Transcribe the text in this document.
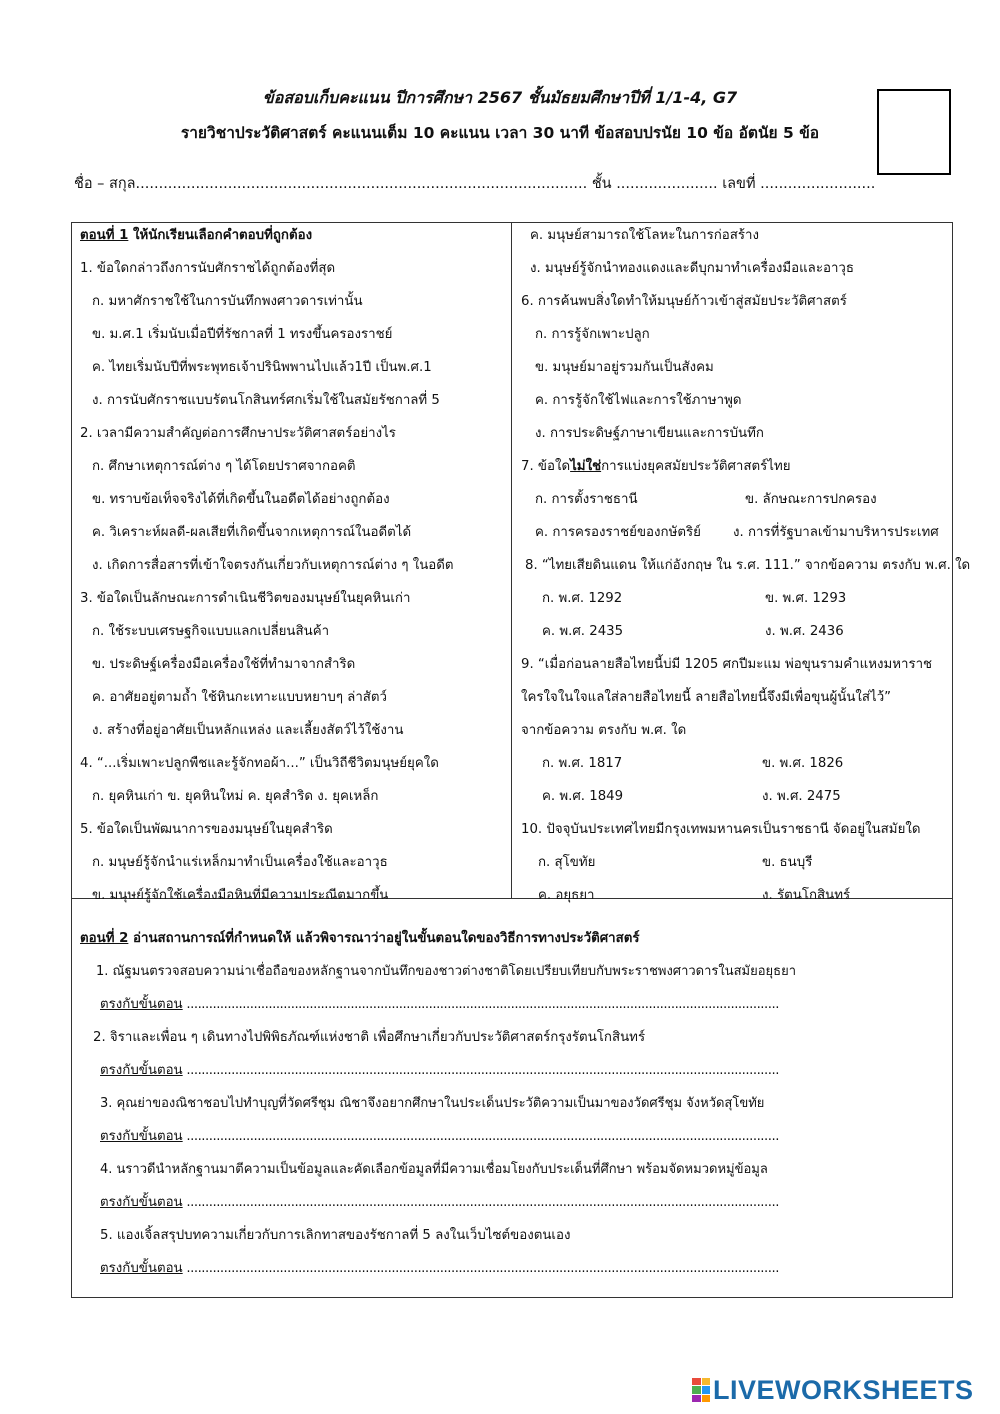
ข้อสอบเก็บคะแนน ปีการศึกษา 2567 ชั้นมัธยมศึกษาปีที่ 1/1-4, G7
รายวิชาประวัติศาสตร์ คะแนนเต็ม 10 คะแนน เวลา 30 นาที ข้อสอบปรนัย 10 ข้อ อัตนัย 5 ข้อ
ชื่อ – สกุล.................................................................................................. ชั้น ...................... เลขที่ .........................
ตอนที่ 1 ให้นักเรียนเลือกคำตอบที่ถูกต้อง
1. ข้อใดกล่าวถึงการนับศักราชได้ถูกต้องที่สุด
ก. มหาศักราชใช้ในการบันทึกพงศาวดารเท่านั้น
ข. ม.ศ.1 เริ่มนับเมื่อปีที่รัชกาลที่ 1 ทรงขึ้นครองราชย์
ค. ไทยเริ่มนับปีที่พระพุทธเจ้าปรินิพพานไปแล้ว1ปี เป็นพ.ศ.1
ง. การนับศักราชแบบรัตนโกสินทร์ศกเริ่มใช้ในสมัยรัชกาลที่ 5
2. เวลามีความสำคัญต่อการศึกษาประวัติศาสตร์อย่างไร
ก. ศึกษาเหตุการณ์ต่าง ๆ ได้โดยปราศจากอคติ
ข. ทราบข้อเท็จจริงได้ที่เกิดขึ้นในอดีตได้อย่างถูกต้อง
ค. วิเคราะห์ผลดี-ผลเสียที่เกิดขึ้นจากเหตุการณ์ในอดีตได้
ง. เกิดการสื่อสารที่เข้าใจตรงกันเกี่ยวกับเหตุการณ์ต่าง ๆ ในอดีต
3. ข้อใดเป็นลักษณะการดำเนินชีวิตของมนุษย์ในยุคหินเก่า
ก. ใช้ระบบเศรษฐกิจแบบแลกเปลี่ยนสินค้า
ข. ประดิษฐ์เครื่องมือเครื่องใช้ที่ทำมาจากสำริด
ค. อาศัยอยู่ตามถ้ำ ใช้หินกะเทาะแบบหยาบๆ ล่าสัตว์
ง. สร้างที่อยู่อาศัยเป็นหลักแหล่ง และเลี้ยงสัตว์ไว้ใช้งาน
4. “...เริ่มเพาะปลูกพืชและรู้จักทอผ้า...” เป็นวิถีชีวิตมนุษย์ยุคใด
ก. ยุคหินเก่า ข. ยุคหินใหม่ ค. ยุคสำริด ง. ยุคเหล็ก
5. ข้อใดเป็นพัฒนาการของมนุษย์ในยุคสำริด
ก. มนุษย์รู้จักนำแร่เหล็กมาทำเป็นเครื่องใช้และอาวุธ
ข. มนุษย์รู้จักใช้เครื่องมือหินที่มีความประณีตมากขึ้น
ค. มนุษย์สามารถใช้โลหะในการก่อสร้าง
ง. มนุษย์รู้จักนำทองแดงและดีบุกมาทำเครื่องมือและอาวุธ
6. การค้นพบสิ่งใดทำให้มนุษย์ก้าวเข้าสู่สมัยประวัติศาสตร์
ก. การรู้จักเพาะปลูก
ข. มนุษย์มาอยู่รวมกันเป็นสังคม
ค. การรู้จักใช้ไฟและการใช้ภาษาพูด
ง. การประดิษฐ์ภาษาเขียนและการบันทึก
7. ข้อใดไม่ใช่การแบ่งยุคสมัยประวัติศาสตร์ไทย
ก. การตั้งราชธานี	ข. ลักษณะการปกครอง
ค. การครองราชย์ของกษัตริย์ ง. การที่รัฐบาลเข้ามาบริหารประเทศ
8. “ไทยเสียดินแดน ให้แก่อังกฤษ ใน ร.ศ. 111.” จากข้อความ ตรงกับ พ.ศ. ใด
ก. พ.ศ. 1292	ข. พ.ศ. 1293
ค. พ.ศ. 2435	ง. พ.ศ. 2436
9. “เมื่อก่อนลายสือไทยนี้บ่มี 1205 ศกปีมะแม พ่อขุนรามคำแหงมหาราช
ใครใจในใจแลใส่ลายสือไทยนี้ ลายสือไทยนี้จึงมีเพื่อขุนผู้นั้นใส่ไว้”
จากข้อความ ตรงกับ พ.ศ. ใด
ก. พ.ศ. 1817	ข. พ.ศ. 1826
ค. พ.ศ. 1849	ง. พ.ศ. 2475
10. ปัจจุบันประเทศไทยมีกรุงเทพมหานครเป็นราชธานี จัดอยู่ในสมัยใด
ก. สุโขทัย	ข. ธนบุรี
ค. อยุธยา	ง. รัตนโกสินทร์
ตอนที่ 2 อ่านสถานการณ์ที่กำหนดให้ แล้วพิจารณาว่าอยู่ในขั้นตอนใดของวิธีการทางประวัติศาสตร์
1. ณัฐมนตรวจสอบความน่าเชื่อถือของหลักฐานจากบันทึกของชาวต่างชาติโดยเปรียบเทียบกับพระราชพงศาวดารในสมัยอยุธยา
ตรงกับขั้นตอน ...............................................................................................................................................................
2. จิราและเพื่อน ๆ เดินทางไปพิพิธภัณฑ์แห่งชาติ เพื่อศึกษาเกี่ยวกับประวัติศาสตร์กรุงรัตนโกสินทร์
ตรงกับขั้นตอน ...............................................................................................................................................................
3. คุณย่าของณิชาชอบไปทำบุญที่วัดศรีชุม ณิชาจึงอยากศึกษาในประเด็นประวัติความเป็นมาของวัดศรีชุม จังหวัดสุโขทัย
ตรงกับขั้นตอน ...............................................................................................................................................................
4. นราวดีนำหลักฐานมาตีความเป็นข้อมูลและคัดเลือกข้อมูลที่มีความเชื่อมโยงกับประเด็นที่ศึกษา พร้อมจัดหมวดหมู่ข้อมูล
ตรงกับขั้นตอน ...............................................................................................................................................................
5. แองเจิ้ลสรุปบทความเกี่ยวกับการเลิกทาสของรัชกาลที่ 5 ลงในเว็บไซต์ของตนเอง
ตรงกับขั้นตอน ...............................................................................................................................................................
LIVEWORKSHEETS
